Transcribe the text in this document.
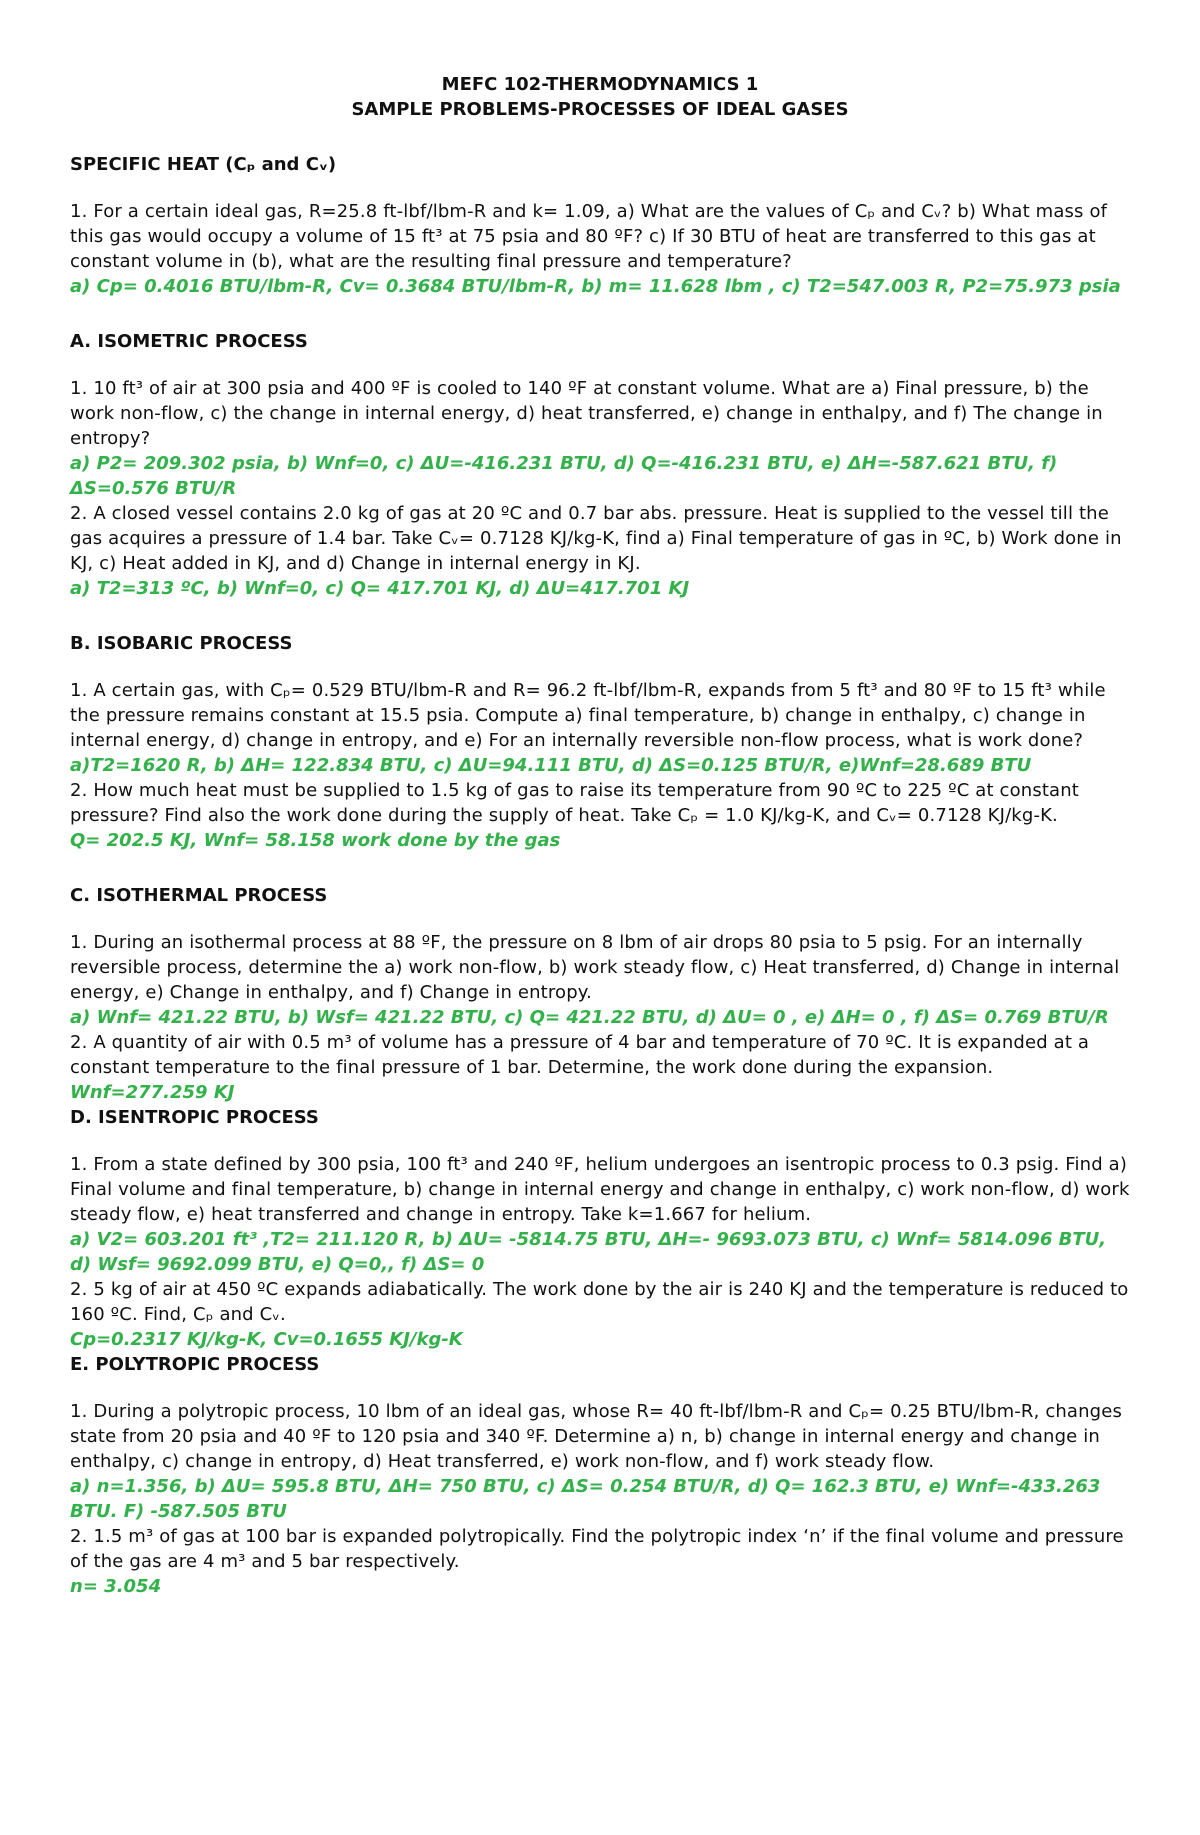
MEFC 102-THERMODYNAMICS 1

SAMPLE PROBLEMS-PROCESSES OF IDEAL GASES

SPECIFIC HEAT (Cₚ and Cᵥ)

1. For a certain ideal gas, R=25.8 ft-lbf/lbm-R and k= 1.09, a) What are the values of Cₚ and Cᵥ? b) What mass of this gas would occupy a volume of 15 ft³ at 75 psia and 80 ºF? c) If 30 BTU of heat are transferred to this gas at constant volume in (b), what are the resulting final pressure and temperature?

a) Cp= 0.4016 BTU/lbm-R, Cv= 0.3684 BTU/lbm-R, b) m= 11.628 lbm , c) T2=547.003 R, P2=75.973 psia

A. ISOMETRIC PROCESS

1. 10 ft³ of air at 300 psia and 400 ºF is cooled to 140 ºF at constant volume. What are a) Final pressure, b) the work non-flow, c) the change in internal energy, d) heat transferred, e) change in enthalpy, and f) The change in entropy?

a) P2= 209.302 psia, b) Wnf=0, c) ΔU=-416.231 BTU, d) Q=-416.231 BTU, e) ΔH=-587.621 BTU, f) ΔS=0.576 BTU/R

2. A closed vessel contains 2.0 kg of gas at 20 ºC and 0.7 bar abs. pressure. Heat is supplied to the vessel till the gas acquires a pressure of 1.4 bar. Take Cᵥ= 0.7128 KJ/kg-K, find a) Final temperature of gas in ºC, b) Work done in KJ, c) Heat added in KJ, and d) Change in internal energy in KJ.

a) T2=313 ºC, b) Wnf=0, c) Q= 417.701 KJ, d) ΔU=417.701 KJ

B. ISOBARIC PROCESS

1. A certain gas, with Cₚ= 0.529 BTU/lbm-R and R= 96.2 ft-lbf/lbm-R, expands from 5 ft³ and 80 ºF to 15 ft³ while the pressure remains constant at 15.5 psia. Compute a) final temperature, b) change in enthalpy, c) change in internal energy, d) change in entropy, and e) For an internally reversible non-flow process, what is work done?

a)T2=1620 R, b) ΔH= 122.834 BTU, c) ΔU=94.111 BTU, d) ΔS=0.125 BTU/R, e)Wnf=28.689 BTU

2. How much heat must be supplied to 1.5 kg of gas to raise its temperature from 90 ºC to 225 ºC at constant pressure? Find also the work done during the supply of heat. Take Cₚ = 1.0 KJ/kg-K, and Cᵥ= 0.7128 KJ/kg-K.

Q= 202.5 KJ, Wnf= 58.158 work done by the gas

C. ISOTHERMAL PROCESS

1. During an isothermal process at 88 ºF, the pressure on 8 lbm of air drops 80 psia to 5 psig. For an internally reversible process, determine the a) work non-flow, b) work steady flow, c) Heat transferred, d) Change in internal energy, e) Change in enthalpy, and f) Change in entropy.

a) Wnf= 421.22 BTU, b) Wsf= 421.22 BTU, c) Q= 421.22 BTU, d) ΔU= 0 , e) ΔH= 0 , f) ΔS= 0.769 BTU/R

2. A quantity of air with 0.5 m³ of volume has a pressure of 4 bar and temperature of 70 ºC. It is expanded at a constant temperature to the final pressure of 1 bar. Determine, the work done during the expansion.

Wnf=277.259 KJ

D. ISENTROPIC PROCESS

1. From a state defined by 300 psia, 100 ft³ and 240 ºF, helium undergoes an isentropic process to 0.3 psig. Find a) Final volume and final temperature, b) change in internal energy and change in enthalpy, c) work non-flow, d) work steady flow, e) heat transferred and change in entropy. Take k=1.667 for helium.

a) V2= 603.201 ft³ ,T2= 211.120 R, b) ΔU= -5814.75 BTU, ΔH=- 9693.073 BTU, c) Wnf= 5814.096 BTU, d) Wsf= 9692.099 BTU, e) Q=0,, f) ΔS= 0

2. 5 kg of air at 450 ºC expands adiabatically. The work done by the air is 240 KJ and the temperature is reduced to 160 ºC. Find, Cₚ and Cᵥ.

Cp=0.2317 KJ/kg-K, Cv=0.1655 KJ/kg-K

E. POLYTROPIC PROCESS

1. During a polytropic process, 10 lbm of an ideal gas, whose R= 40 ft-lbf/lbm-R and Cₚ= 0.25 BTU/lbm-R, changes state from 20 psia and 40 ºF to 120 psia and 340 ºF. Determine a) n, b) change in internal energy and change in enthalpy, c) change in entropy, d) Heat transferred, e) work non-flow, and f) work steady flow.

a) n=1.356, b) ΔU= 595.8 BTU, ΔH= 750 BTU, c) ΔS= 0.254 BTU/R, d) Q= 162.3 BTU, e) Wnf=-433.263 BTU. F) -587.505 BTU

2. 1.5 m³ of gas at 100 bar is expanded polytropically. Find the polytropic index ‘n’ if the final volume and pressure of the gas are 4 m³ and 5 bar respectively.

n= 3.054
